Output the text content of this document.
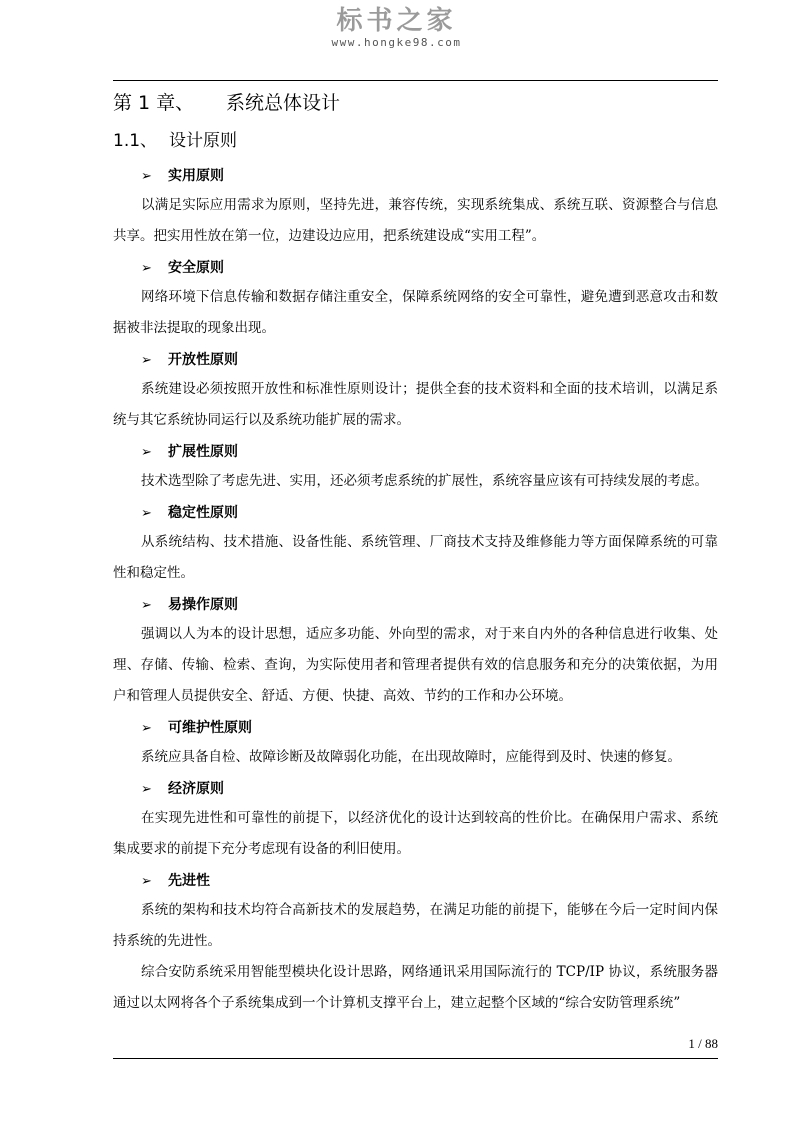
标书之家
www.hongke98.com
第 1 章、 系统总体设计
1.1、 设计原则
➢ 实用原则

以满足实际应用需求为原则，坚持先进，兼容传统，实现系统集成、系统互联、资源整合与信息共享。把实用性放在第一位，边建设边应用，把系统建设成“实用工程”。

➢ 安全原则

网络环境下信息传输和数据存储注重安全，保障系统网络的安全可靠性，避免遭到恶意攻击和数据被非法提取的现象出现。

➢ 开放性原则

系统建设必须按照开放性和标准性原则设计；提供全套的技术资料和全面的技术培训，以满足系统与其它系统协同运行以及系统功能扩展的需求。

➢ 扩展性原则

技术选型除了考虑先进、实用，还必须考虑系统的扩展性，系统容量应该有可持续发展的考虑。

➢ 稳定性原则

从系统结构、技术措施、设备性能、系统管理、厂商技术支持及维修能力等方面保障系统的可靠性和稳定性。

➢ 易操作原则

强调以人为本的设计思想，适应多功能、外向型的需求，对于来自内外的各种信息进行收集、处理、存储、传输、检索、查询，为实际使用者和管理者提供有效的信息服务和充分的决策依据，为用户和管理人员提供安全、舒适、方便、快捷、高效、节约的工作和办公环境。

➢ 可维护性原则

系统应具备自检、故障诊断及故障弱化功能，在出现故障时，应能得到及时、快速的修复。

➢ 经济原则

在实现先进性和可靠性的前提下，以经济优化的设计达到较高的性价比。在确保用户需求、系统集成要求的前提下充分考虑现有设备的利旧使用。

➢ 先进性

系统的架构和技术均符合高新技术的发展趋势，在满足功能的前提下，能够在今后一定时间内保持系统的先进性。

综合安防系统采用智能型模块化设计思路，网络通讯采用国际流行的 TCP/IP 协议，系统服务器通过以太网将各个子系统集成到一个计算机支撑平台上，建立起整个区域的“综合安防管理系统”

1 / 88
